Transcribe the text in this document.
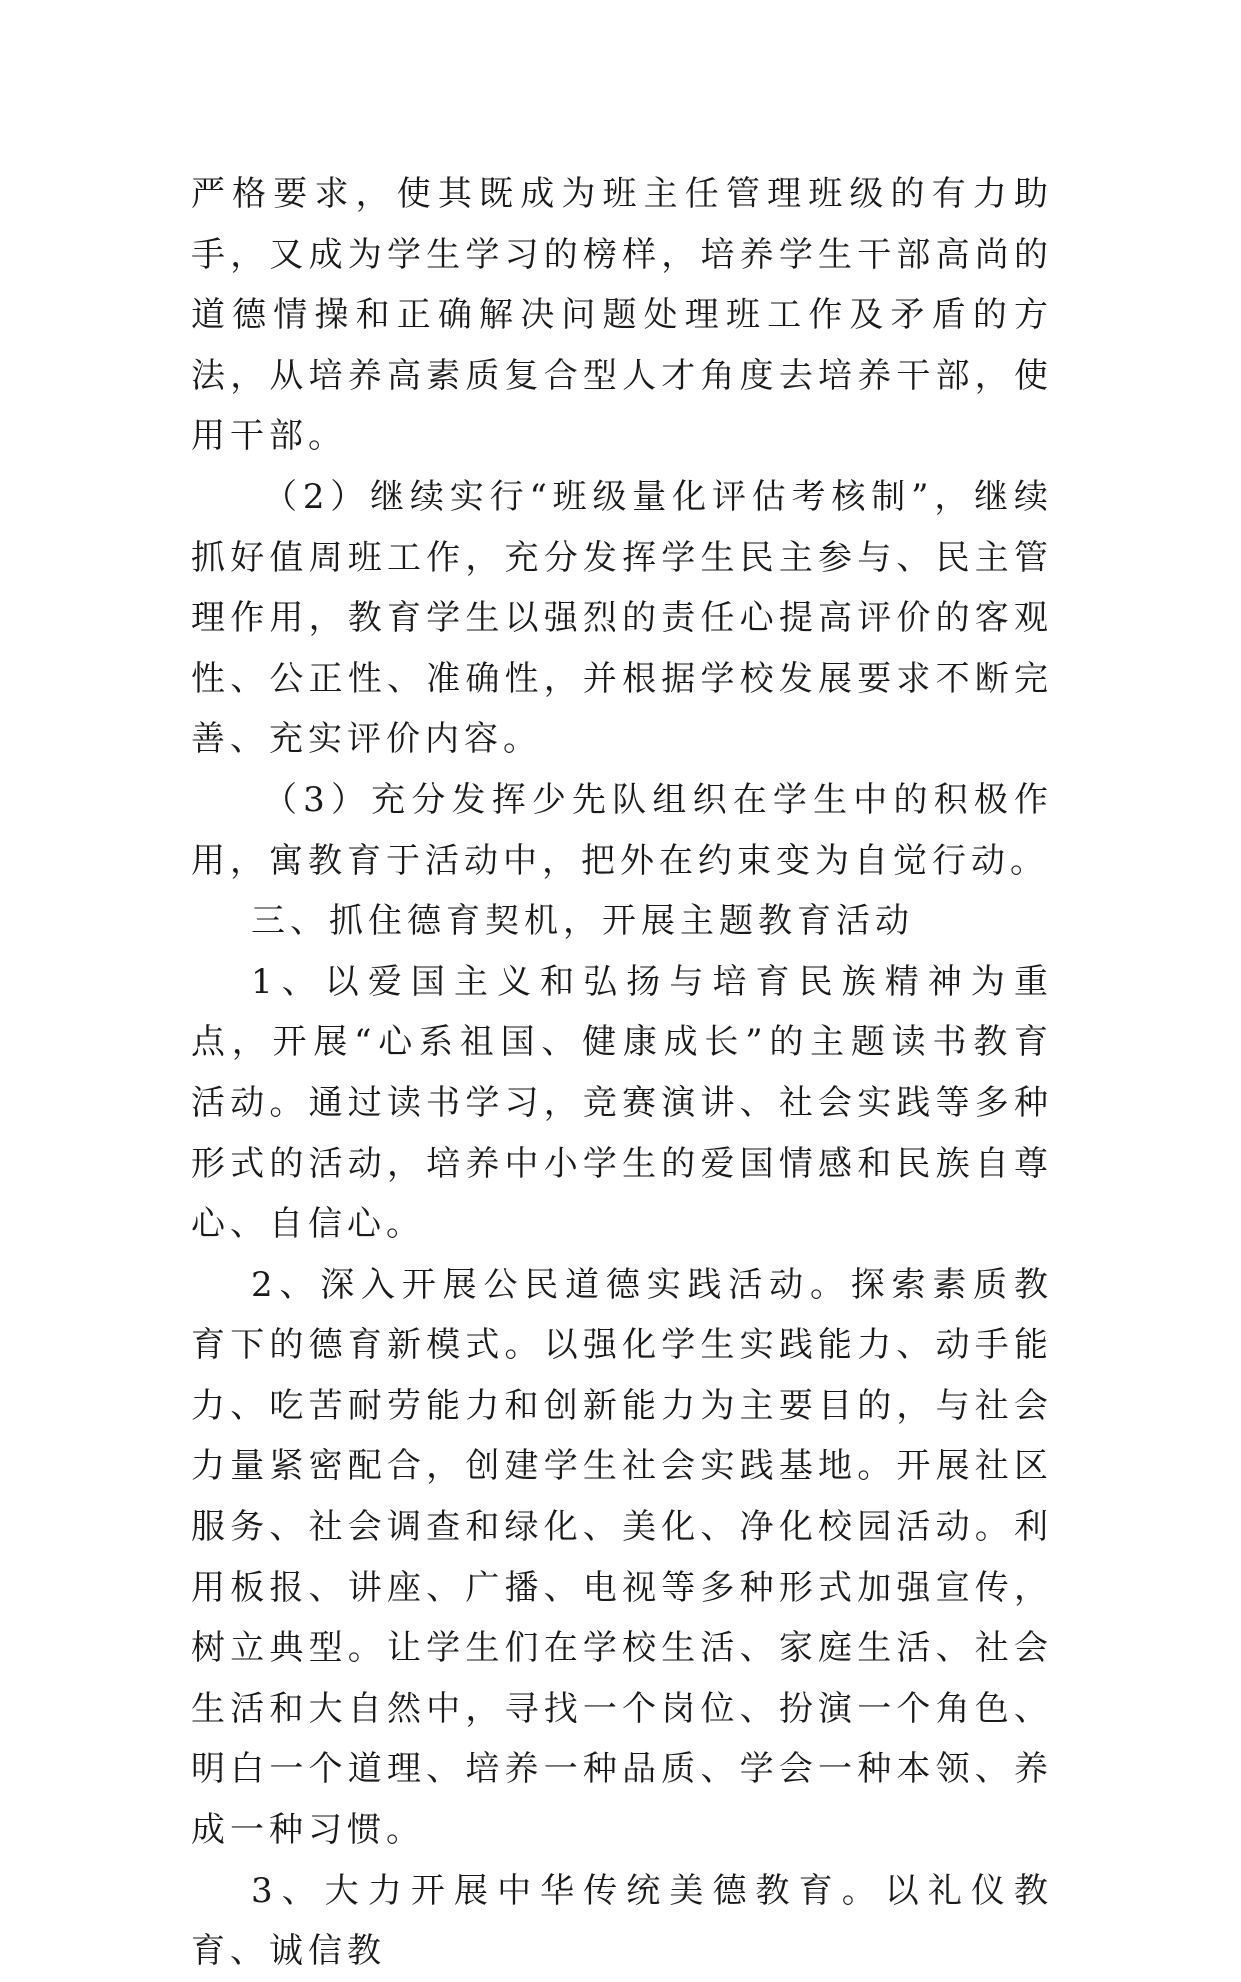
严格要求，使其既成为班主任管理班级的有力助手，又成为学生学习的榜样，培养学生干部高尚的道德情操和正确解决问题处理班工作及矛盾的方法，从培养高素质复合型人才角度去培养干部，使用干部。

（2）继续实行“班级量化评估考核制”，继续抓好值周班工作，充分发挥学生民主参与、民主管理作用，教育学生以强烈的责任心提高评价的客观性、公正性、准确性，并根据学校发展要求不断完善、充实评价内容。

（3）充分发挥少先队组织在学生中的积极作用，寓教育于活动中，把外在约束变为自觉行动。

三、抓住德育契机，开展主题教育活动

1、以爱国主义和弘扬与培育民族精神为重点，开展“心系祖国、健康成长”的主题读书教育活动。通过读书学习，竞赛演讲、社会实践等多种形式的活动，培养中小学生的爱国情感和民族自尊心、自信心。

2、深入开展公民道德实践活动。探索素质教育下的德育新模式。以强化学生实践能力、动手能力、吃苦耐劳能力和创新能力为主要目的，与社会力量紧密配合，创建学生社会实践基地。开展社区服务、社会调查和绿化、美化、净化校园活动。利用板报、讲座、广播、电视等多种形式加强宣传，树立典型。让学生们在学校生活、家庭生活、社会生活和大自然中，寻找一个岗位、扮演一个角色、明白一个道理、培养一种品质、学会一种本领、养成一种习惯。

3、大力开展中华传统美德教育。以礼仪教育、诚信教
